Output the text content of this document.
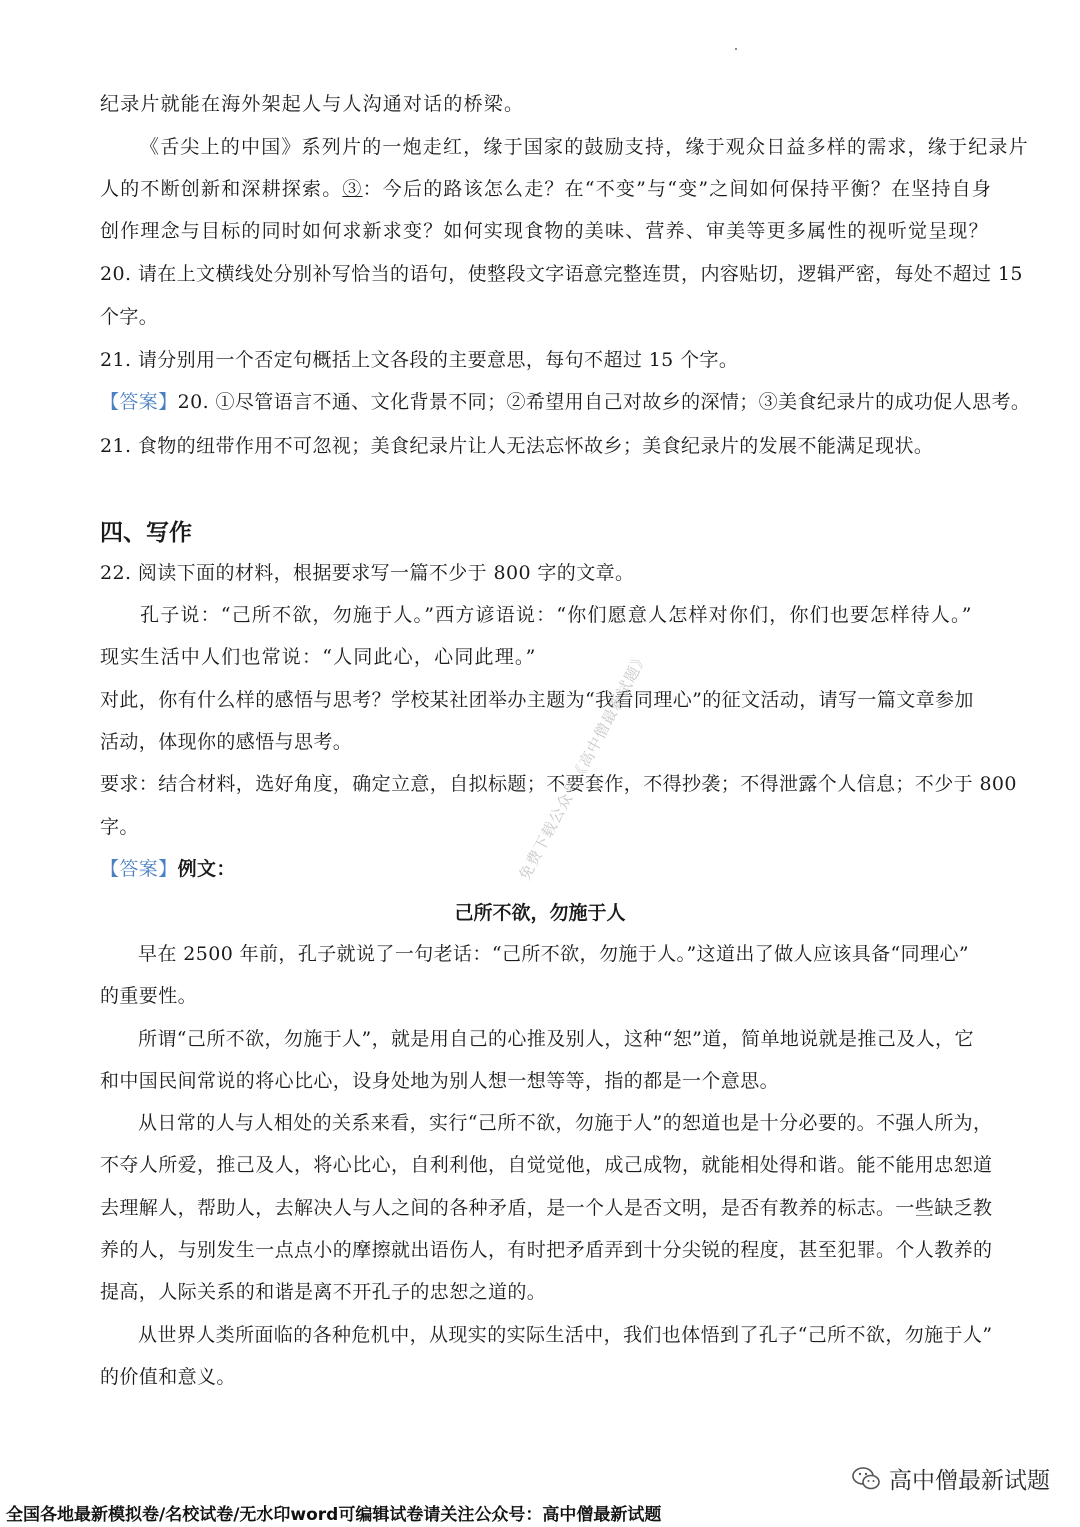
纪录片就能在海外架起人与人沟通对话的桥梁。
《舌尖上的中国》系列片的一炮走红，缘于国家的鼓励支持，缘于观众日益多样的需求，缘于纪录片
人的不断创新和深耕探索。③：今后的路该怎么走？在“不变”与“变”之间如何保持平衡？在坚持自身
创作理念与目标的同时如何求新求变？如何实现食物的美味、营养、审美等更多属性的视听觉呈现？
20. 请在上文横线处分别补写恰当的语句，使整段文字语意完整连贯，内容贴切，逻辑严密，每处不超过 15
个字。
21. 请分别用一个否定句概括上文各段的主要意思，每句不超过 15 个字。
【答案】20. ①尽管语言不通、文化背景不同；②希望用自己对故乡的深情；③美食纪录片的成功促人思考。
21. 食物的纽带作用不可忽视；美食纪录片让人无法忘怀故乡；美食纪录片的发展不能满足现状。
四、写作
22. 阅读下面的材料，根据要求写一篇不少于 800 字的文章。
孔子说：“己所不欲，勿施于人。”西方谚语说：“你们愿意人怎样对你们，你们也要怎样待人。”
现实生活中人们也常说：“人同此心，心同此理。”
对此，你有什么样的感悟与思考？学校某社团举办主题为“我看同理心”的征文活动，请写一篇文章参加
活动，体现你的感悟与思考。
要求：结合材料，选好角度，确定立意，自拟标题；不要套作，不得抄袭；不得泄露个人信息；不少于 800
字。
【答案】例文：
己所不欲，勿施于人
早在 2500 年前，孔子就说了一句老话：“己所不欲，勿施于人。”这道出了做人应该具备“同理心”
的重要性。
所谓“己所不欲，勿施于人”，就是用自己的心推及别人，这种“恕”道，简单地说就是推己及人，它
和中国民间常说的将心比心，设身处地为别人想一想等等，指的都是一个意思。
从日常的人与人相处的关系来看，实行“己所不欲，勿施于人”的恕道也是十分必要的。不强人所为，
不夺人所爱，推己及人，将心比心，自利利他，自觉觉他，成己成物，就能相处得和谐。能不能用忠恕道
去理解人，帮助人，去解决人与人之间的各种矛盾，是一个人是否文明，是否有教养的标志。一些缺乏教
养的人，与别发生一点点小的摩擦就出语伤人，有时把矛盾弄到十分尖锐的程度，甚至犯罪。个人教养的
提高，人际关系的和谐是离不开孔子的忠恕之道的。
从世界人类所面临的各种危机中，从现实的实际生活中，我们也体悟到了孔子“己所不欲，勿施于人”
的价值和意义。
免费下载公众号《高中僧最新试题》
高中僧最新试题
全国各地最新模拟卷/名校试卷/无水印word可编辑试卷请关注公众号：高中僧最新试题
